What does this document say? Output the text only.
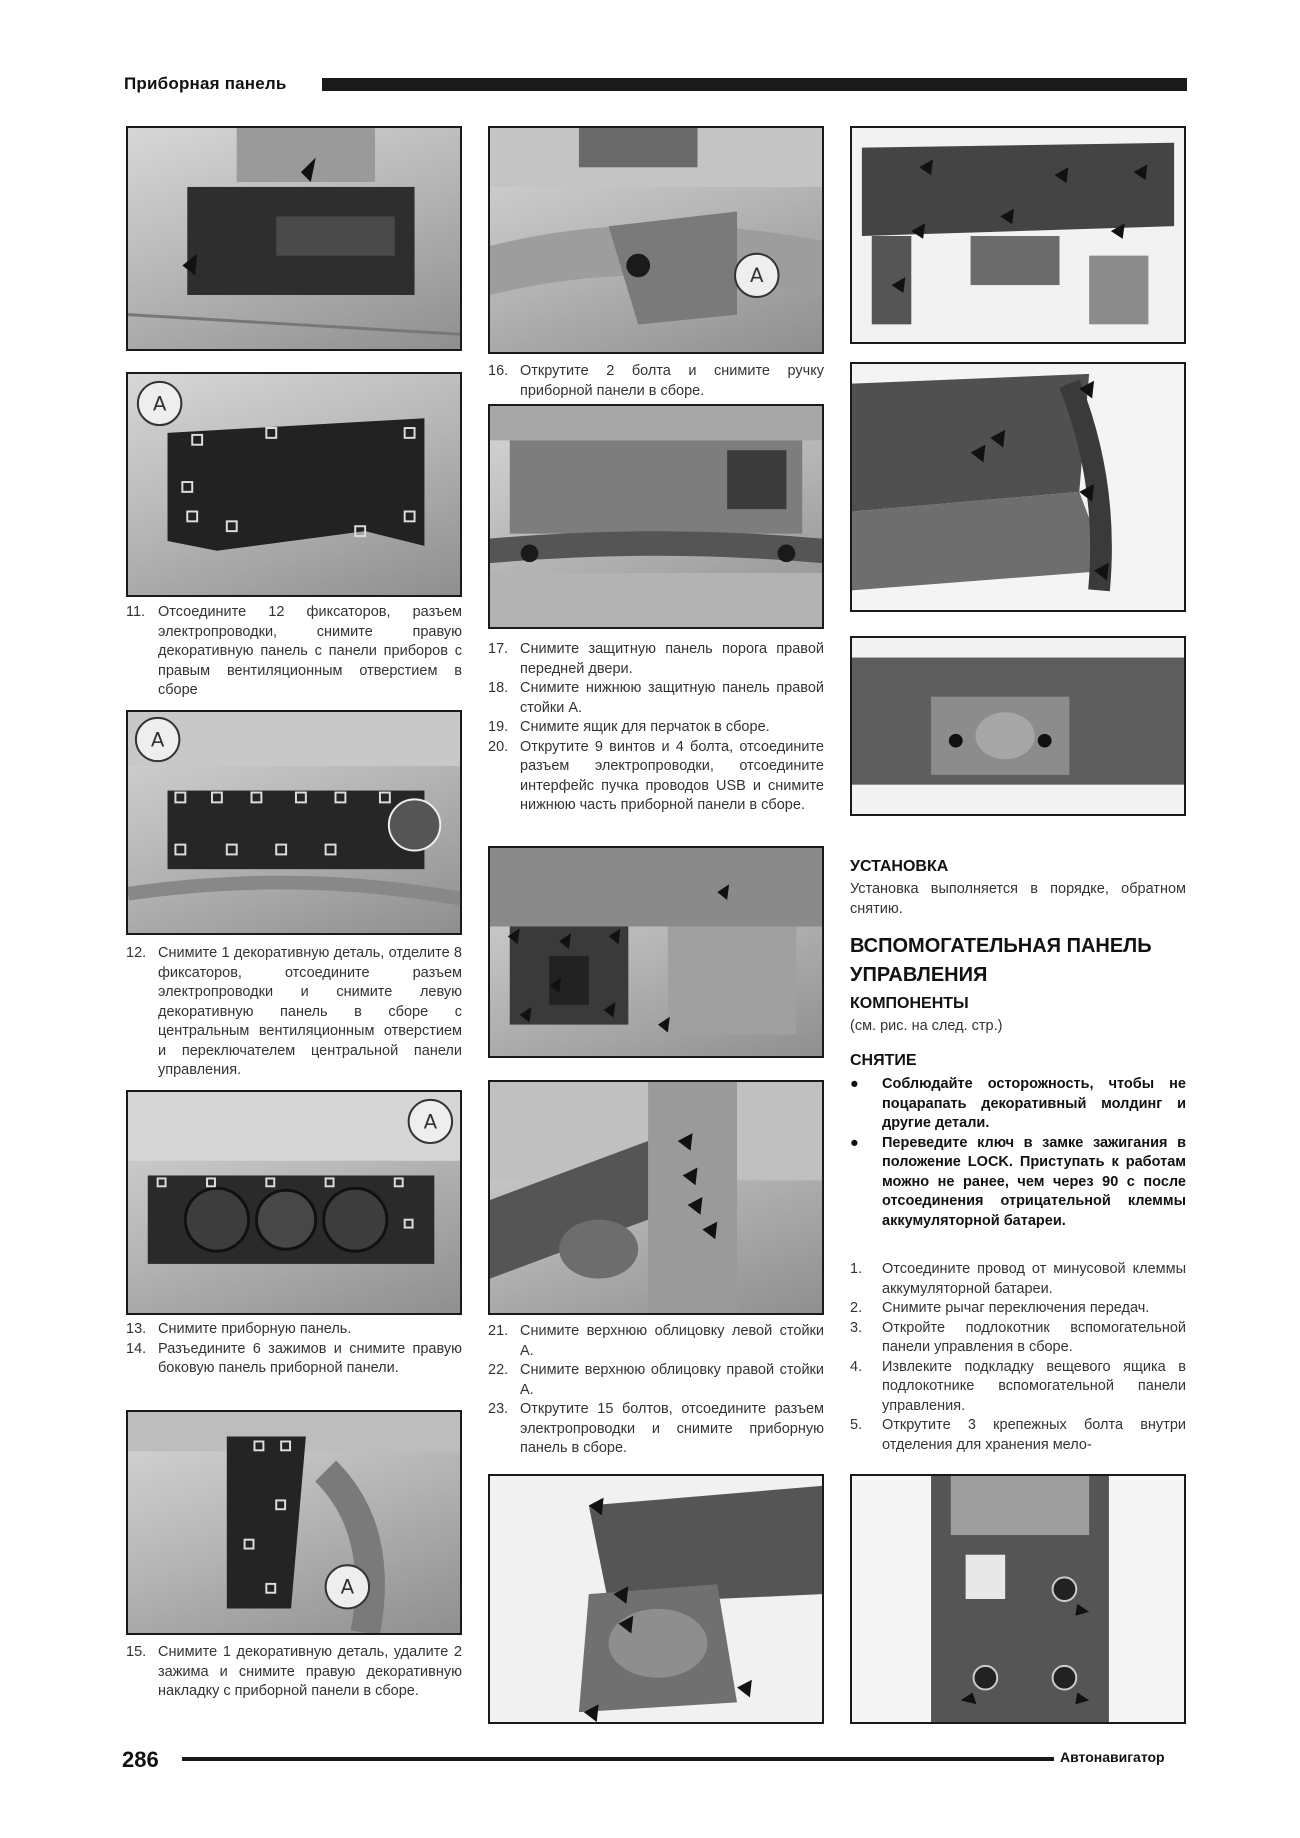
Приборная панель
A

11. Отсоедините 12 фиксаторов, разъем электропроводки, снимите правую декоративную панель с панели приборов с правым вентиляционным отверстием в сборе

A

12. Снимите 1 декоративную деталь, отделите 8 фиксаторов, отсоедините разъем электропроводки и снимите левую декоративную панель в сборе с центральным вентиляционным отверстием и переключателем центральной панели управления.

A

13. Снимите приборную панель.

14. Разъедините 6 зажимов и снимите правую боковую панель приборной панели.

A

15. Снимите 1 декоративную деталь, удалите 2 зажима и снимите правую декоративную накладку с приборной панели в сборе.

A

16. Открутите 2 болта и снимите ручку приборной панели в сборе.

17. Снимите защитную панель порога правой передней двери.

18. Снимите нижнюю защитную панель правой стойки А.

19. Снимите ящик для перчаток в сборе.

20. Открутите 9 винтов и 4 болта, отсоедините разъем электропроводки, отсоедините интерфейс пучка проводов USB и снимите нижнюю часть приборной панели в сборе.

21. Снимите верхнюю облицовку левой стойки А.

22. Снимите верхнюю облицовку правой стойки А.

23. Открутите 15 болтов, отсоедините разъем электропроводки и снимите приборную панель в сборе.

УСТАНОВКА
Установка выполняется в порядке, обратном снятию.
ВСПОМОГАТЕЛЬНАЯ ПАНЕЛЬ УПРАВЛЕНИЯ
КОМПОНЕНТЫ
(см. рис. на след. стр.)
СНЯТИЕ

● Соблюдайте осторожность, чтобы не поцарапать декоративный молдинг и другие детали.

● Переведите ключ в замке зажигания в положение LOCK. Приступать к работам можно не ранее, чем через 90 с после отсоединения отрицательной клеммы аккумуляторной батареи.

1. Отсоедините провод от минусовой клеммы аккумуляторной батареи.

2. Снимите рычаг переключения передач.

3. Откройте подлокотник вспомогательной панели управления в сборе.

4. Извлеките подкладку вещевого ящика в подлокотнике вспомогательной панели управления.

5. Открутите 3 крепежных болта внутри отделения для хранения мело-

286	Автонавигатор
